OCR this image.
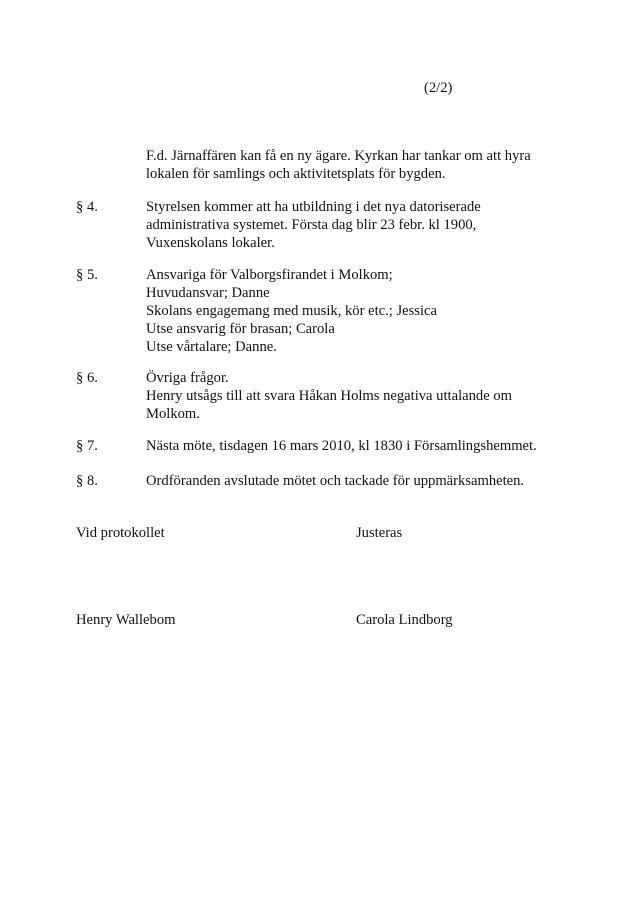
(2/2)
F.d. Järnaffären kan få en ny ägare. Kyrkan har tankar om att hyra
lokalen för samlings och aktivitetsplats för bygden.
§ 4.	Styrelsen kommer att ha utbildning i det nya datoriserade
administrativa systemet. Första dag blir 23 febr. kl 1900,
Vuxenskolans lokaler.
§ 5.	Ansvariga för Valborgsfirandet i Molkom;
Huvudansvar; Danne
Skolans engagemang med musik, kör etc.; Jessica
Utse ansvarig för brasan; Carola
Utse vårtalare; Danne.
§ 6.	Övriga frågor.
Henry utsågs till att svara Håkan Holms negativa uttalande om
Molkom.
§ 7.	Nästa möte, tisdagen 16 mars 2010, kl 1830 i Församlingshemmet.
§ 8.	Ordföranden avslutade mötet och tackade för uppmärksamheten.
Vid protokollet	Justeras
Henry Wallebom	Carola Lindborg
